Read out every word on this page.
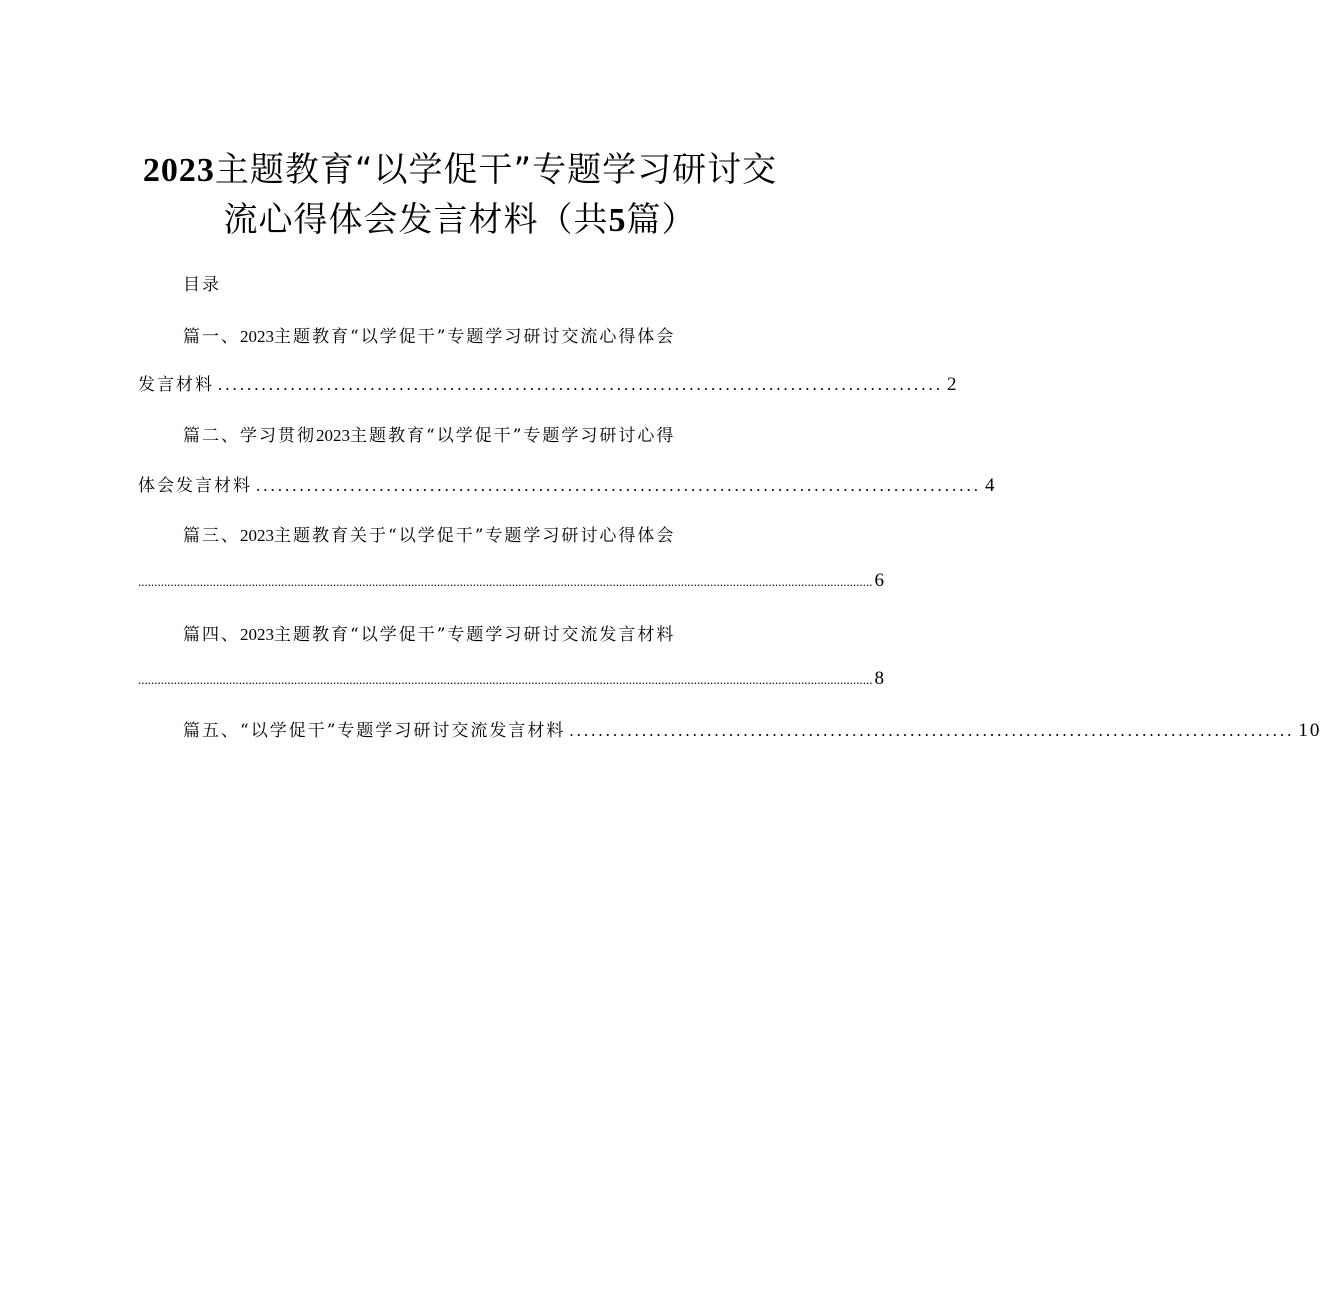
2023主题教育“以学促干”专题学习研讨交
流心得体会发言材料（共5篇）
目录
篇一、2023主题教育“以学促干”专题学习研讨交流心得体会
发言材料 .................................................................................................... 2
篇二、学习贯彻2023主题教育“以学促干”专题学习研讨心得
体会发言材料 .................................................................................................... 4
篇三、2023主题教育关于“以学促干”专题学习研讨心得体会
.................................................................................................................................................................................................................................. 6
篇四、2023主题教育“以学促干”专题学习研讨交流发言材料
.................................................................................................................................................................................................................................. 8
篇五、 “以学促干”专题学习研讨交流发言材料 .................................................................................................... 10
